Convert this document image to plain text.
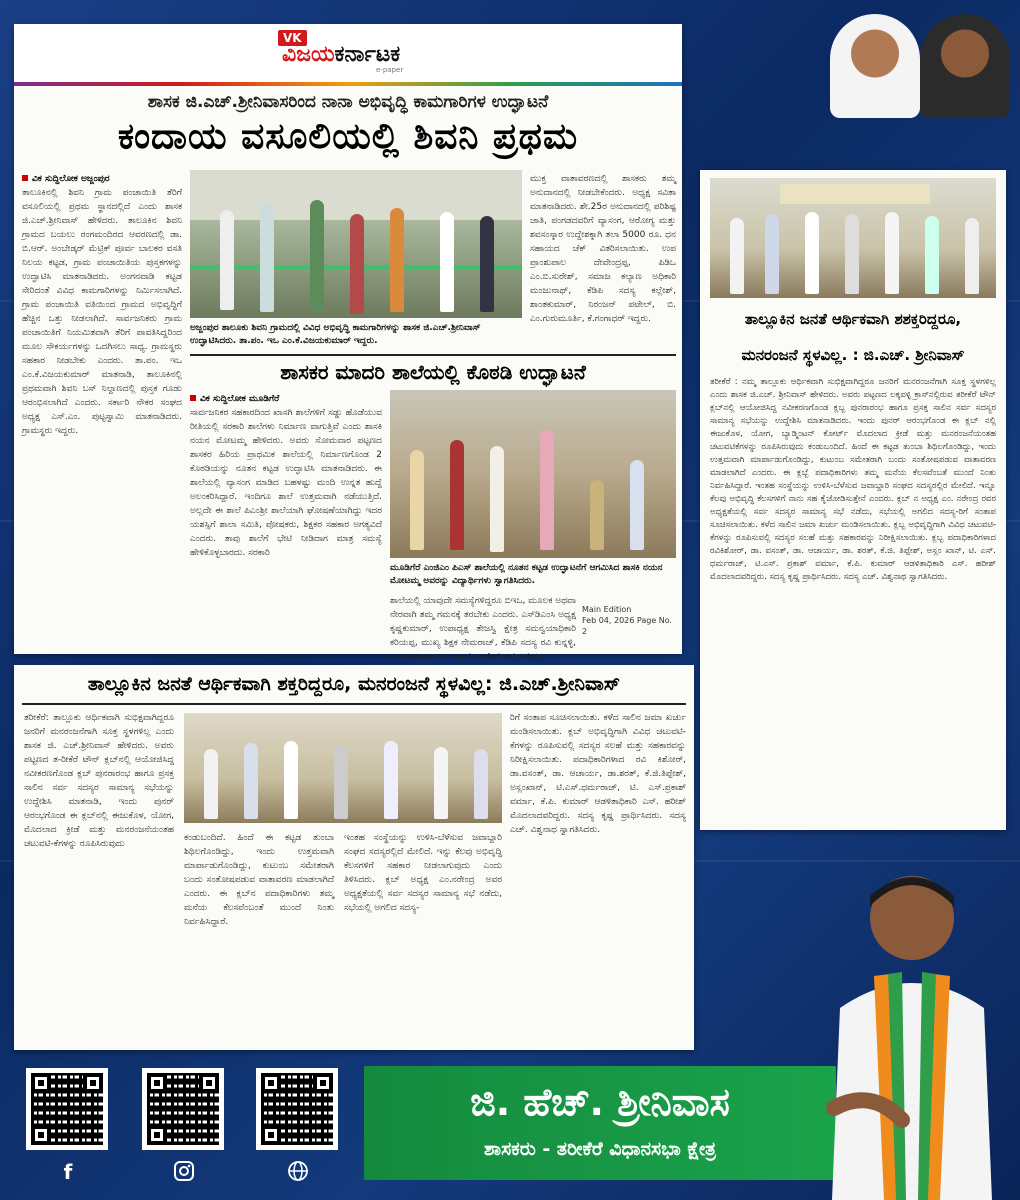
VK
ವಿಜಯಕರ್ನಾಟಕ
e-paper
ಶಾಸಕ ಜಿ.ಎಚ್.ಶ್ರೀನಿವಾಸರಿಂದ ನಾನಾ ಅಭಿವೃದ್ಧಿ ಕಾಮಗಾರಿಗಳ ಉದ್ಘಾಟನೆ
ಕಂದಾಯ ವಸೂಲಿಯಲ್ಲಿ ಶಿವನಿ ಪ್ರಥಮ
ವಿಕ ಸುದ್ದಿಲೋಕ ಅಜ್ಜಂಪುರ
ತಾಲೂಕಿನಲ್ಲಿ ಶಿವನಿ ಗ್ರಾಮ ಪಂಚಾಯಿತಿ ತೆರಿಗೆ ವಸೂಲಿಯಲ್ಲಿ ಪ್ರಥಮ ಸ್ಥಾನದಲ್ಲಿದೆ ಎಂದು ಶಾಸಕ ಜಿ.ಎಚ್.ಶ್ರೀನಿವಾಸ್ ಹೇಳಿದರು. ತಾಲೂಕಿನ ಶಿವನಿ ಗ್ರಾಮದ ಬಯಲು ರಂಗಮಂದಿರದ ಆವರಣದಲ್ಲಿ ಡಾ. ಬಿ.ಆರ್. ಅಂಬೇಡ್ಕರ್ ಮೆಟ್ರಿಕ್ ಪೂರ್ವ ಬಾಲಕರ ವಸತಿ ನಿಲಯ ಕಟ್ಟಡ, ಗ್ರಾಮ ಪಂಚಾಯಿತಿಯ ಪುಸ್ತಕಗಳನ್ನು ಉದ್ಘಾಟಿಸಿ ಮಾತನಾಡಿದರು. ಅಂಗನವಾಡಿ ಕಟ್ಟಡ ಸೇರಿದಂತೆ ವಿವಿಧ ಕಾಮಗಾರಿಗಳನ್ನು ನಿರ್ಮಿಸಲಾಗಿದೆ. ಗ್ರಾಮ ಪಂಚಾಯಿತಿ ವತಿಯಿಂದ ಗ್ರಾಮದ ಅಭಿವೃದ್ಧಿಗೆ ಹೆಚ್ಚಿನ ಒತ್ತು ನೀಡಲಾಗಿದೆ. ಸಾರ್ವಜನಿಕರು ಗ್ರಾಮ ಪಂಚಾಯಿತಿಗೆ ನಿಯಮಿತವಾಗಿ ತೆರಿಗೆ ಪಾವತಿಸಿದ್ದರಿಂದ ಮೂಲ ಸೌಕರ್ಯಗಳನ್ನು ಒದಗಿಸಲು ಸಾಧ್ಯ. ಗ್ರಾಮಸ್ಥರು ಸಹಕಾರ ನೀಡಬೇಕು ಎಂದರು. ತಾ.ಪಂ. ಇಒ ಎಂ.ಕೆ.ವಿಜಯಕುಮಾರ್ ಮಾತನಾಡಿ, ತಾಲೂಕಿನಲ್ಲಿ ಪ್ರಥಮವಾಗಿ ಶಿವನಿ ಬಸ್ ನಿಲ್ದಾಣದಲ್ಲಿ ಪುಸ್ತಕ ಗೂಡು ಆರಂಭಿಸಲಾಗಿದೆ ಎಂದರು. ಸರ್ಕಾರಿ ನೌಕರ ಸಂಘದ ಅಧ್ಯಕ್ಷ ಎಸ್.ಎಂ. ಪುಟ್ಟಸ್ವಾಮಿ ಮಾತನಾಡಿದರು. ಗ್ರಾಮಸ್ಥರು ಇದ್ದರು.
ಅಜ್ಜಂಪುರ ತಾಲೂಕು ಶಿವನಿ ಗ್ರಾಮದಲ್ಲಿ ವಿವಿಧ ಅಭಿವೃದ್ಧಿ ಕಾಮಗಾರಿಗಳನ್ನು ಶಾಸಕ ಜಿ.ಎಚ್.ಶ್ರೀನಿವಾಸ್ ಉದ್ಘಾಟಿಸಿದರು. ತಾ.ಪಂ. ಇಒ ಎಂ.ಕೆ.ವಿಜಯಕುಮಾರ್ ಇದ್ದರು.
ಮುಕ್ತ ವಾತಾವರಣದಲ್ಲಿ ಶಾಸಕರು ತಮ್ಮ ಅನುದಾನದಲ್ಲಿ ನೀಡಬೇಕೆಂದರು. ಅಧ್ಯಕ್ಷ ಸವಿತಾ ಮಾತನಾಡಿದರು. ಶೇ.25ರ ಅನುದಾನದಲ್ಲಿ ಪರಿಶಿಷ್ಟ ಜಾತಿ, ಪಂಗಡದವರಿಗೆ ವ್ಯಾಸಂಗ, ಆರೋಗ್ಯ ಮತ್ತು ಶವಸಂಸ್ಕಾರ ಉದ್ದೇಶಕ್ಕಾಗಿ ತಲಾ 5000 ರೂ. ಧನ ಸಹಾಯದ ಚೆಕ್ ವಿತರಿಸಲಾಯಿತು. ಉಪ ಪ್ರಾಂಶುಪಾಲ ದೇವೇಂದ್ರಪ್ಪ, ಪಿಡಿಒ ಎಂ.ಬಿ.ಸುರೇಶ್, ಸಮಾಜ ಕಲ್ಯಾಣ ಅಧಿಕಾರಿ ಮಂಜುನಾಥ್, ಕೆಡಿಪಿ ಸದಸ್ಯ ಕಲ್ಲೇಶ್, ಶಾಂತಕುಮಾರ್, ನಿರಂಜನ್ ಪಟೇಲ್, ಬಿ. ಎಂ.ಗುರುಮೂರ್ತಿ, ಕೆ.ಗಂಗಾಧರ್ ಇದ್ದರು.
ಶಾಸಕರ ಮಾದರಿ ಶಾಲೆಯಲ್ಲಿ ಕೊಠಡಿ ಉದ್ಘಾಟನೆ
ವಿಕ ಸುದ್ದಿಲೋಕ ಮೂಡಿಗೆರೆ
ಸಾರ್ವಜನಿಕರ ಸಹಕಾರದಿಂದ ಖಾಸಗಿ ಶಾಲೆಗಳಿಗೆ ಸಡ್ಡು ಹೊಡೆಯುವ ರೀತಿಯಲ್ಲಿ ಸರಕಾರಿ ಶಾಲೆಗಳು ನಿರ್ಮಾಣ ವಾಗುತ್ತಿವೆ ಎಂದು ಶಾಸಕಿ ನಯನ ಮೋಟಮ್ಮ ಹೇಳಿದರು. ಅವರು ಸೋಮವಾರ ಪಟ್ಟಣದ ಶಾಸಕರ ಹಿರಿಯ ಪ್ರಾಥಮಿಕ ಶಾಲೆಯಲ್ಲಿ ನಿರ್ಮಾಣಗೊಂಡ 2 ಕೊಠಡಿಯನ್ನು ನೂತನ ಕಟ್ಟಡ ಉದ್ಘಾಟಿಸಿ ಮಾತನಾಡಿದರು. ಈ ಶಾಲೆಯಲ್ಲಿ ವ್ಯಾಸಂಗ ಮಾಡಿದ ಬಹಳಷ್ಟು ಮಂದಿ ಉನ್ನತ ಹುದ್ದೆ ಅಲಂಕರಿಸಿದ್ದಾರೆ. ಇಂದಿಗೂ ಶಾಲೆ ಉತ್ತಮವಾಗಿ ನಡೆಯುತ್ತಿದೆ. ಅಲ್ಲದೇ ಈ ಶಾಲೆ ಪಿಎಂಶ್ರೀ ಶಾಲೆಯಾಗಿ ಘೋಷಣೆಯಾಗಿದ್ದು ಇದರ ಯಶಸ್ಸಿಗೆ ಶಾಲಾ ಸಮಿತಿ, ಪೋಷಕರು, ಶಿಕ್ಷಕರ ಸಹಕಾರ ಅಗತ್ಯವಿದೆ ಎಂದರು. ತಾವು ಶಾಲೆಗೆ ಭೇಟಿ ನೀಡಿದಾಗ ಮಾತ್ರ ಸಮಸ್ಯೆ ಹೇಳಿಕೊಳ್ಳಬಾರದು. ಸರಕಾರಿ
ಮೂಡಿಗೆರೆ ಎಂಜಿಎಂ ಪಿಎಸ್ ಶಾಲೆಯಲ್ಲಿ ನೂತನ ಕಟ್ಟಡ ಉದ್ಘಾಟನೆಗೆ ಆಗಮಿಸಿದ ಶಾಸಕಿ ನಯನ ಮೋಟಮ್ಮ ಅವರನ್ನು ವಿದ್ಯಾರ್ಥಿಗಳು ಸ್ವಾಗತಿಸಿದರು.
ಶಾಲೆಯಲ್ಲಿ ಯಾವುದೇ ಸಮಸ್ಯೆಗಳಿದ್ದರೂ ಬಿಇಒ, ಮೂಲಕ ಅಥವಾ ನೇರವಾಗಿ ತಮ್ಮ ಗಮನಕ್ಕೆ ತರಬೇಕು ಎಂದರು. ಎಸ್‌ಡಿಎಂಸಿ ಅಧ್ಯಕ್ಷ ಕೃಷ್ಣಕುಮಾರ್, ಉಪಾಧ್ಯಕ್ಷ ತೇಜಸ್ವಿ ಕ್ಷೇತ್ರ ಸಮನ್ವಯಾಧಿಕಾರಿ ಕರಿಯಪ್ಪ, ಮುಖ್ಯ ಶಿಕ್ಷಕ ನೇಮರಾಜ್, ಕೆಡಿಪಿ ಸದಸ್ಯ ರವಿ ಕುನ್ನಳ್ಳಿ, ಮುಖಂಡರಾದ ಸಿ.ಬಿ.ಶಂಕರ್, ಸುರೇಶ್ ಮತ್ತಿತರರಿದ್ದರು.
Main Edition
Feb 04, 2026 Page No. 2
ತಾಲ್ಲೂಕಿನ ಜನತೆ ಆರ್ಥಿಕವಾಗಿ ಶಶಕ್ತರಿದ್ದರೂ,
ಮನರಂಜನೆ ಸ್ಥಳವಿಲ್ಲ. : ಜಿ.ಎಚ್. ಶ್ರೀನಿವಾಸ್
ತರೀಕೆರೆ : ನಮ್ಮ ತಾಲ್ಲೂಕು ಆರ್ಥಿಕವಾಗಿ ಸುಭಿಕ್ಷವಾಗಿದ್ದರೂ ಜನರಿಗೆ ಮನರಂಜನೆಗಾಗಿ ಸೂಕ್ತ ಸ್ಥಳಗಳಿಲ್ಲ ಎಂದು ಶಾಸಕ ಜಿ.ಎಚ್. ಶ್ರೀನಿವಾಸ್ ಹೇಳಿದರು. ಅವರು ಪಟ್ಟಣದ ಲಕ್ಕವಳ್ಳಿ ಕ್ರಾಸ್‌ನಲ್ಲಿರುವ ತರೀಕೆರೆ ಟೌನ್ ಕ್ಲಬ್‌ನಲ್ಲಿ ಆಯೋಜಿಸಿದ್ದ ನವೀಕರಣಗೊಂಡ ಕ್ಲಬ್ಬ ಪುನರಾರಂಭ ಹಾಗೂ ಪ್ರಸಕ್ತ ಸಾಲಿನ ಸರ್ವ ಸದಸ್ಯರ ಸಾಮಾನ್ಯ ಸಭೆಯನ್ನು ಉದ್ದೇಶಿಸಿ ಮಾತನಾಡಿದರು. ಇಂದು ಪುನರ್ ಆರಂಭಗೊಂಡ ಈ ಕ್ಲಬ್ ನಲ್ಲಿ ಈಜುಕೊಳ, ಯೋಗ, ಬ್ಯಾಡ್ಮಿಂಟನ್ ಕೋರ್ಟ್ ಮೊದಲಾದ ಕ್ರೀಡೆ ಮತ್ತು ಮನರಂಜನೆಯಂತಹ ಚಟುವಟಿಕೆಗಳನ್ನು ರೂಪಿಸಿರುವುದು ಕಂಡುಬಂದಿದೆ. ಹಿಂದೆ ಈ ಕಟ್ಟಡ ತುಂಬಾ ಶಿಥಿಲಗೊಂಡಿದ್ದು, ಇಂದು ಉತ್ತಮವಾಗಿ ಮಾರ್ಪಾಡುಗೊಂಡಿದ್ದು, ಕುಟುಂಬ ಸಮೇತರಾಗಿ ಬಂದು ಸಂತೋಷಪಡುವ ವಾತಾವರಣ ಮಾಡಲಾಗಿದೆ ಎಂದರು. ಈ ಕ್ಲಬ್ಬೆ ಪದಾಧಿಕಾರಿಗಳು ತಮ್ಮ ಮನೆಯ ಕೆಲಸವೆಂಬತೆ ಮುಂದೆ ನಿಂತು ನಿರ್ವಹಿಸಿದ್ದಾರೆ. ಇಂತಹ ಸಂಸ್ಥೆಯನ್ನು ಉಳಿಸಿ-ಬೆಳೆಸುವ ಜವಾಬ್ದಾರಿ ಸಂಘದ ಸದಸ್ಯರಲ್ಲಿರ ಮೇಲಿದೆ. ಇನ್ನೂ ಕೆಲವು ಅಭಿವೃದ್ಧಿ ಕೆಲಸಗಳಿಗೆ ನಾನು ಸಹ ಕೈಜೋಡಿಸುತ್ತೇನೆ ಎಂದರು. ಕ್ಲಬ್ ನ ಅಧ್ಯಕ್ಷ ಎಂ. ನರೇಂದ್ರ ರವರ ಅಧ್ಯಕ್ಷತೆಯಲ್ಲಿ ಸರ್ವ ಸದಸ್ಯರ ಸಾಮಾನ್ಯ ಸಭೆ ನಡೆದು, ಸಭೆಯಲ್ಲಿ ಅಗಲಿದ ಸದಸ್ಯ-ರಿಗೆ ಸಂತಾಪ ಸೂಚಿಸಲಾಯಿತು. ಕಳೆದ ಸಾಲಿನ ಜಮಾ ಖರ್ಚು ಮಂಡಿಸಲಾಯಿತು. ಕ್ಲಬ್ಬ ಅಭಿವೃದ್ಧಿಗಾಗಿ ವಿವಿಧ ಚಟುವಟಿ-ಕೆಗಳನ್ನು ರೂಪಿಸುವಲ್ಲಿ ಸದಸ್ಯರ ಸಲಹೆ ಮತ್ತು ಸಹಕಾರವನ್ನು ನಿರೀಕ್ಷಿಸಲಾಯಿತು. ಕ್ಲಬ್ಬ ಪದಾಧಿಕಾರಿಗಳಾದ ರವಿಕಿಶೋರ್, ಡಾ. ವಸಂತ್, ಡಾ. ಆಚಾರ್ಯ, ಡಾ. ಶರತ್, ಕೆ.ಜಿ. ತಿಪ್ಪೇಶ್, ಅಸ್ಲಂ ಖಾನ್, ಟಿ. ಎಸ್. ಧರ್ಮರಾಜ್, ಟಿ.ಎಸ್. ಪ್ರಕಾಶ್ ವರ್ಮಾ, ಕೆ.ಪಿ. ಕುಮಾರ್ ಆಡಳಿತಾಧಿಕಾರಿ ಎಸ್. ಹರೀಶ್ ಮೊದಲಾದವರಿದ್ದರು. ಸದಸ್ಯ ಕೃಷ್ಣ ಪ್ರಾರ್ಥಿಸಿದರು. ಸದಸ್ಯ ಎಚ್. ವಿಶ್ವನಾಥ ಸ್ವಾಗತಿಸಿದರು.
ತಾಲ್ಲೂಕಿನ ಜನತೆ ಆರ್ಥಿಕವಾಗಿ ಶಕ್ತರಿದ್ದರೂ, ಮನರಂಜನೆ ಸ್ಥಳವಿಲ್ಲ: ಜಿ.ಎಚ್.ಶ್ರೀನಿವಾಸ್
ತರೀಕೆರೆ: ತಾಲ್ಲೂಕು ಆರ್ಥಿಕವಾಗಿ ಸುಭಿಕ್ಷವಾಗಿದ್ದರೂ ಜನರಿಗೆ ಮನರಂಜನೆಗಾಗಿ ಸೂಕ್ತ ಸ್ಥಳಗಳಿಲ್ಲ ಎಂದು ಶಾಸಕ ಜಿ. ಎಚ್.ಶ್ರೀನಿವಾಸ್ ಹೇಳಿದರು. ಅವರು ಪಟ್ಟಣದ ತ-ರೀಕೆರೆ ಟೌನ್ ಕ್ಲಬ್‌ನಲ್ಲಿ ಆಯೋಜಿಸಿದ್ದ ನವೀಕರಣಗೊಂಡ ಕ್ಲಬ್ ಪುನರಾರಂಭ ಹಾಗೂ ಪ್ರಸಕ್ತ ಸಾಲಿನ ಸರ್ವ ಸದಸ್ಯರ ಸಾಮಾನ್ಯ ಸಭೆಯನ್ನು ಉದ್ದೇಶಿಸಿ ಮಾತನಾಡಿ, ಇಂದು ಪುನರ್ ಆರಂಭಗೊಂಡ ಈ ಕ್ಲಬ್‌ನಲ್ಲಿ ಈಜುಕೊಳ, ಯೋಗ, ಮೊದಲಾದ ಕ್ರೀಡೆ ಮತ್ತು ಮನರಂಜನೆಯಂತಹ ಚಟುವಟಿ-ಕೆಗಳನ್ನು ರೂಪಿಸಿರುವುದು
ಕಂಡುಬಂದಿದೆ. ಹಿಂದೆ ಈ ಕಟ್ಟಡ ತುಂಬಾ ಶಿಥಿಲಗೊಂಡಿದ್ದು, ಇಂದು ಉತ್ತಮವಾಗಿ ಮಾರ್ಪಾಡುಗೊಂಡಿದ್ದು, ಕುಟುಂಬ ಸಮೇತರಾಗಿ ಬಂದು ಸಂತೋಷಪಡುವ ವಾತಾವರಣ ಮಾಡಲಾಗಿದೆ ಎಂದರು. ಈ ಕ್ಲಬ್‌ನ ಪದಾಧಿಕಾರಿಗಳು ತಮ್ಮ ಮನೆಯ ಕೆಲಸವೆಂಬಂತೆ ಮುಂದೆ ನಿಂತು ನಿರ್ವಹಿಸಿದ್ದಾರೆ.
ಇಂತಹ ಸಂಸ್ಥೆಯನ್ನು ಉಳಿಸಿ-ಬೆಳೆಸುವ ಜವಾಬ್ದಾರಿ ಸಂಘದ ಸದಸ್ಯರಲ್ಲಿದೆ ಮೇಲಿದೆ. ಇನ್ನು ಕೆಲವು ಅಭಿವೃದ್ಧಿ ಕೆಲಸಗಳಿಗೆ ಸಹಕಾರ ನೀಡಲಾಗುವುದು ಎಂದು ತಿಳಿಸಿದರು. ಕ್ಲಬ್ ಅಧ್ಯಕ್ಷ ಎಂ.ನರೇಂದ್ರ ಅವರ ಅಧ್ಯಕ್ಷತೆಯಲ್ಲಿ ಸರ್ವ ಸದಸ್ಯರ ಸಾಮಾನ್ಯ ಸಭೆ ನಡೆದು, ಸಭೆಯಲ್ಲಿ ಅಗಲಿದ ಸದಸ್ಯ-
ರಿಗೆ ಸಂತಾಪ ಸೂಚಿಸಲಾಯಿತು. ಕಳೆದ ಸಾಲಿನ ಜಮಾ ಖರ್ಚು ಮಂಡಿಸಲಾಯಿತು. ಕ್ಲಬ್ ಅಭಿವೃದ್ಧಿಗಾಗಿ ವಿವಿಧ ಚಟುವಟಿ-ಕೆಗಳನ್ನು ರೂಪಿಸುವಲ್ಲಿ ಸದಸ್ಯರ ಸಲಹೆ ಮತ್ತು ಸಹಕಾರವನ್ನು ನಿರೀಕ್ಷಿಸಲಾಯಿತು. ಪದಾಧಿಕಾರಿಗಳಾದ ರವಿ ಕಿಶೋರ್, ಡಾ.ವಸಂತ್, ಡಾ. ಆಚಾರ್ಯ, ಡಾ.ಶರತ್, ಕೆ.ಜಿ.ತಿಪ್ಪೇಶ್, ಅಸ್ಲಂಖಾನ್, ಟಿ.ಎಸ್.ಧರ್ಮರಾಜ್, ಟಿ. ಎಸ್.ಪ್ರಕಾಶ್ ವರ್ಮಾ, ಕೆ.ಪಿ. ಕುಮಾರ್ ಆಡಳಿತಾಧಿಕಾರಿ ಎಸ್. ಹರೀಶ್ ಮೊದಲಾದವರಿದ್ದರು. ಸದಸ್ಯ ಕೃಷ್ಣ ಪ್ರಾರ್ಥಿಸಿದರು. ಸದಸ್ಯ ಎಚ್. ವಿಶ್ವನಾಥ ಸ್ವಾಗತಿಸಿದರು.
f
ಜಿ. ಹೆಚ್. ಶ್ರೀನಿವಾಸ
ಶಾಸಕರು - ತರೀಕೆರೆ ವಿಧಾನಸಭಾ ಕ್ಷೇತ್ರ
